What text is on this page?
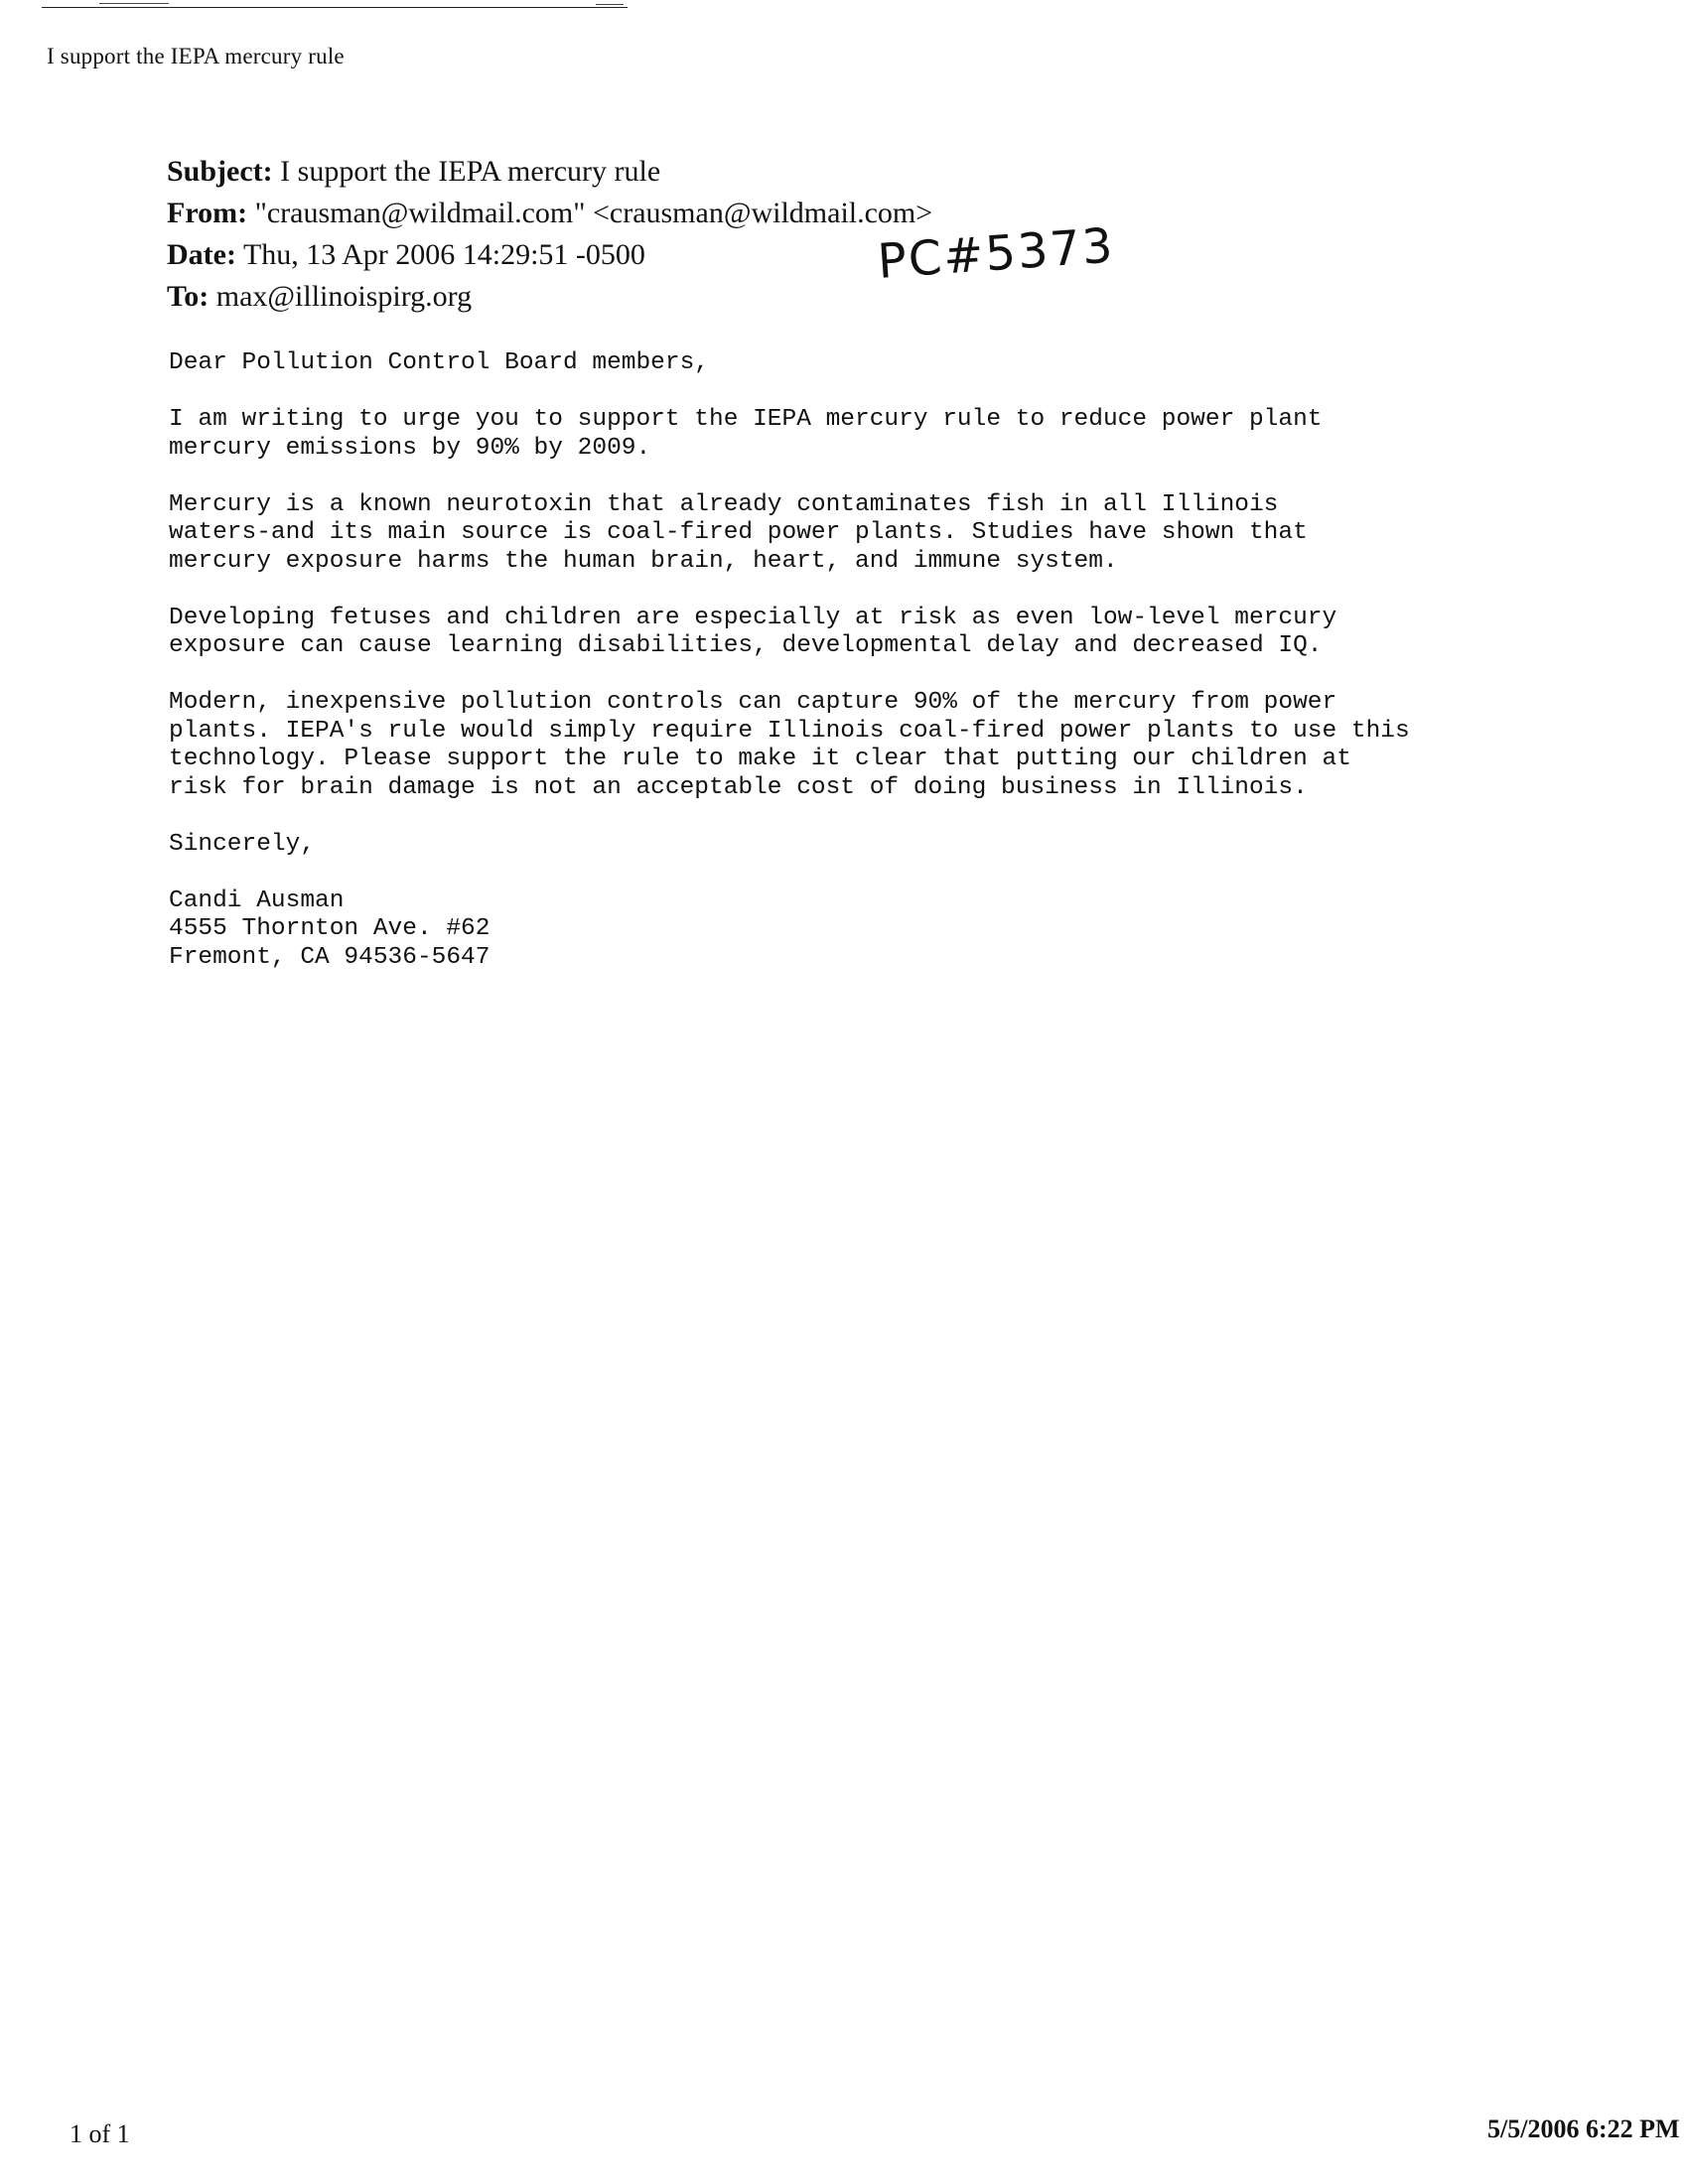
I support the IEPA mercury rule
Subject: I support the IEPA mercury rule
From: "crausman@wildmail.com" <crausman@wildmail.com>
Date: Thu, 13 Apr 2006 14:29:51 -0500
To: max@illinoispirg.org
PC#5373

Dear Pollution Control Board members,

I am writing to urge you to support the IEPA mercury rule to reduce power plant
mercury emissions by 90% by 2009.

Mercury is a known neurotoxin that already contaminates fish in all Illinois
waters-and its main source is coal-fired power plants. Studies have shown that
mercury exposure harms the human brain, heart, and immune system.

Developing fetuses and children are especially at risk as even low-level mercury
exposure can cause learning disabilities, developmental delay and decreased IQ.

Modern, inexpensive pollution controls can capture 90% of the mercury from power
plants. IEPA's rule would simply require Illinois coal-fired power plants to use this
technology. Please support the rule to make it clear that putting our children at
risk for brain damage is not an acceptable cost of doing business in Illinois.

Sincerely,

Candi Ausman
4555 Thornton Ave. #62
Fremont, CA 94536-5647
1 of 1	5/5/2006 6:22 PM
